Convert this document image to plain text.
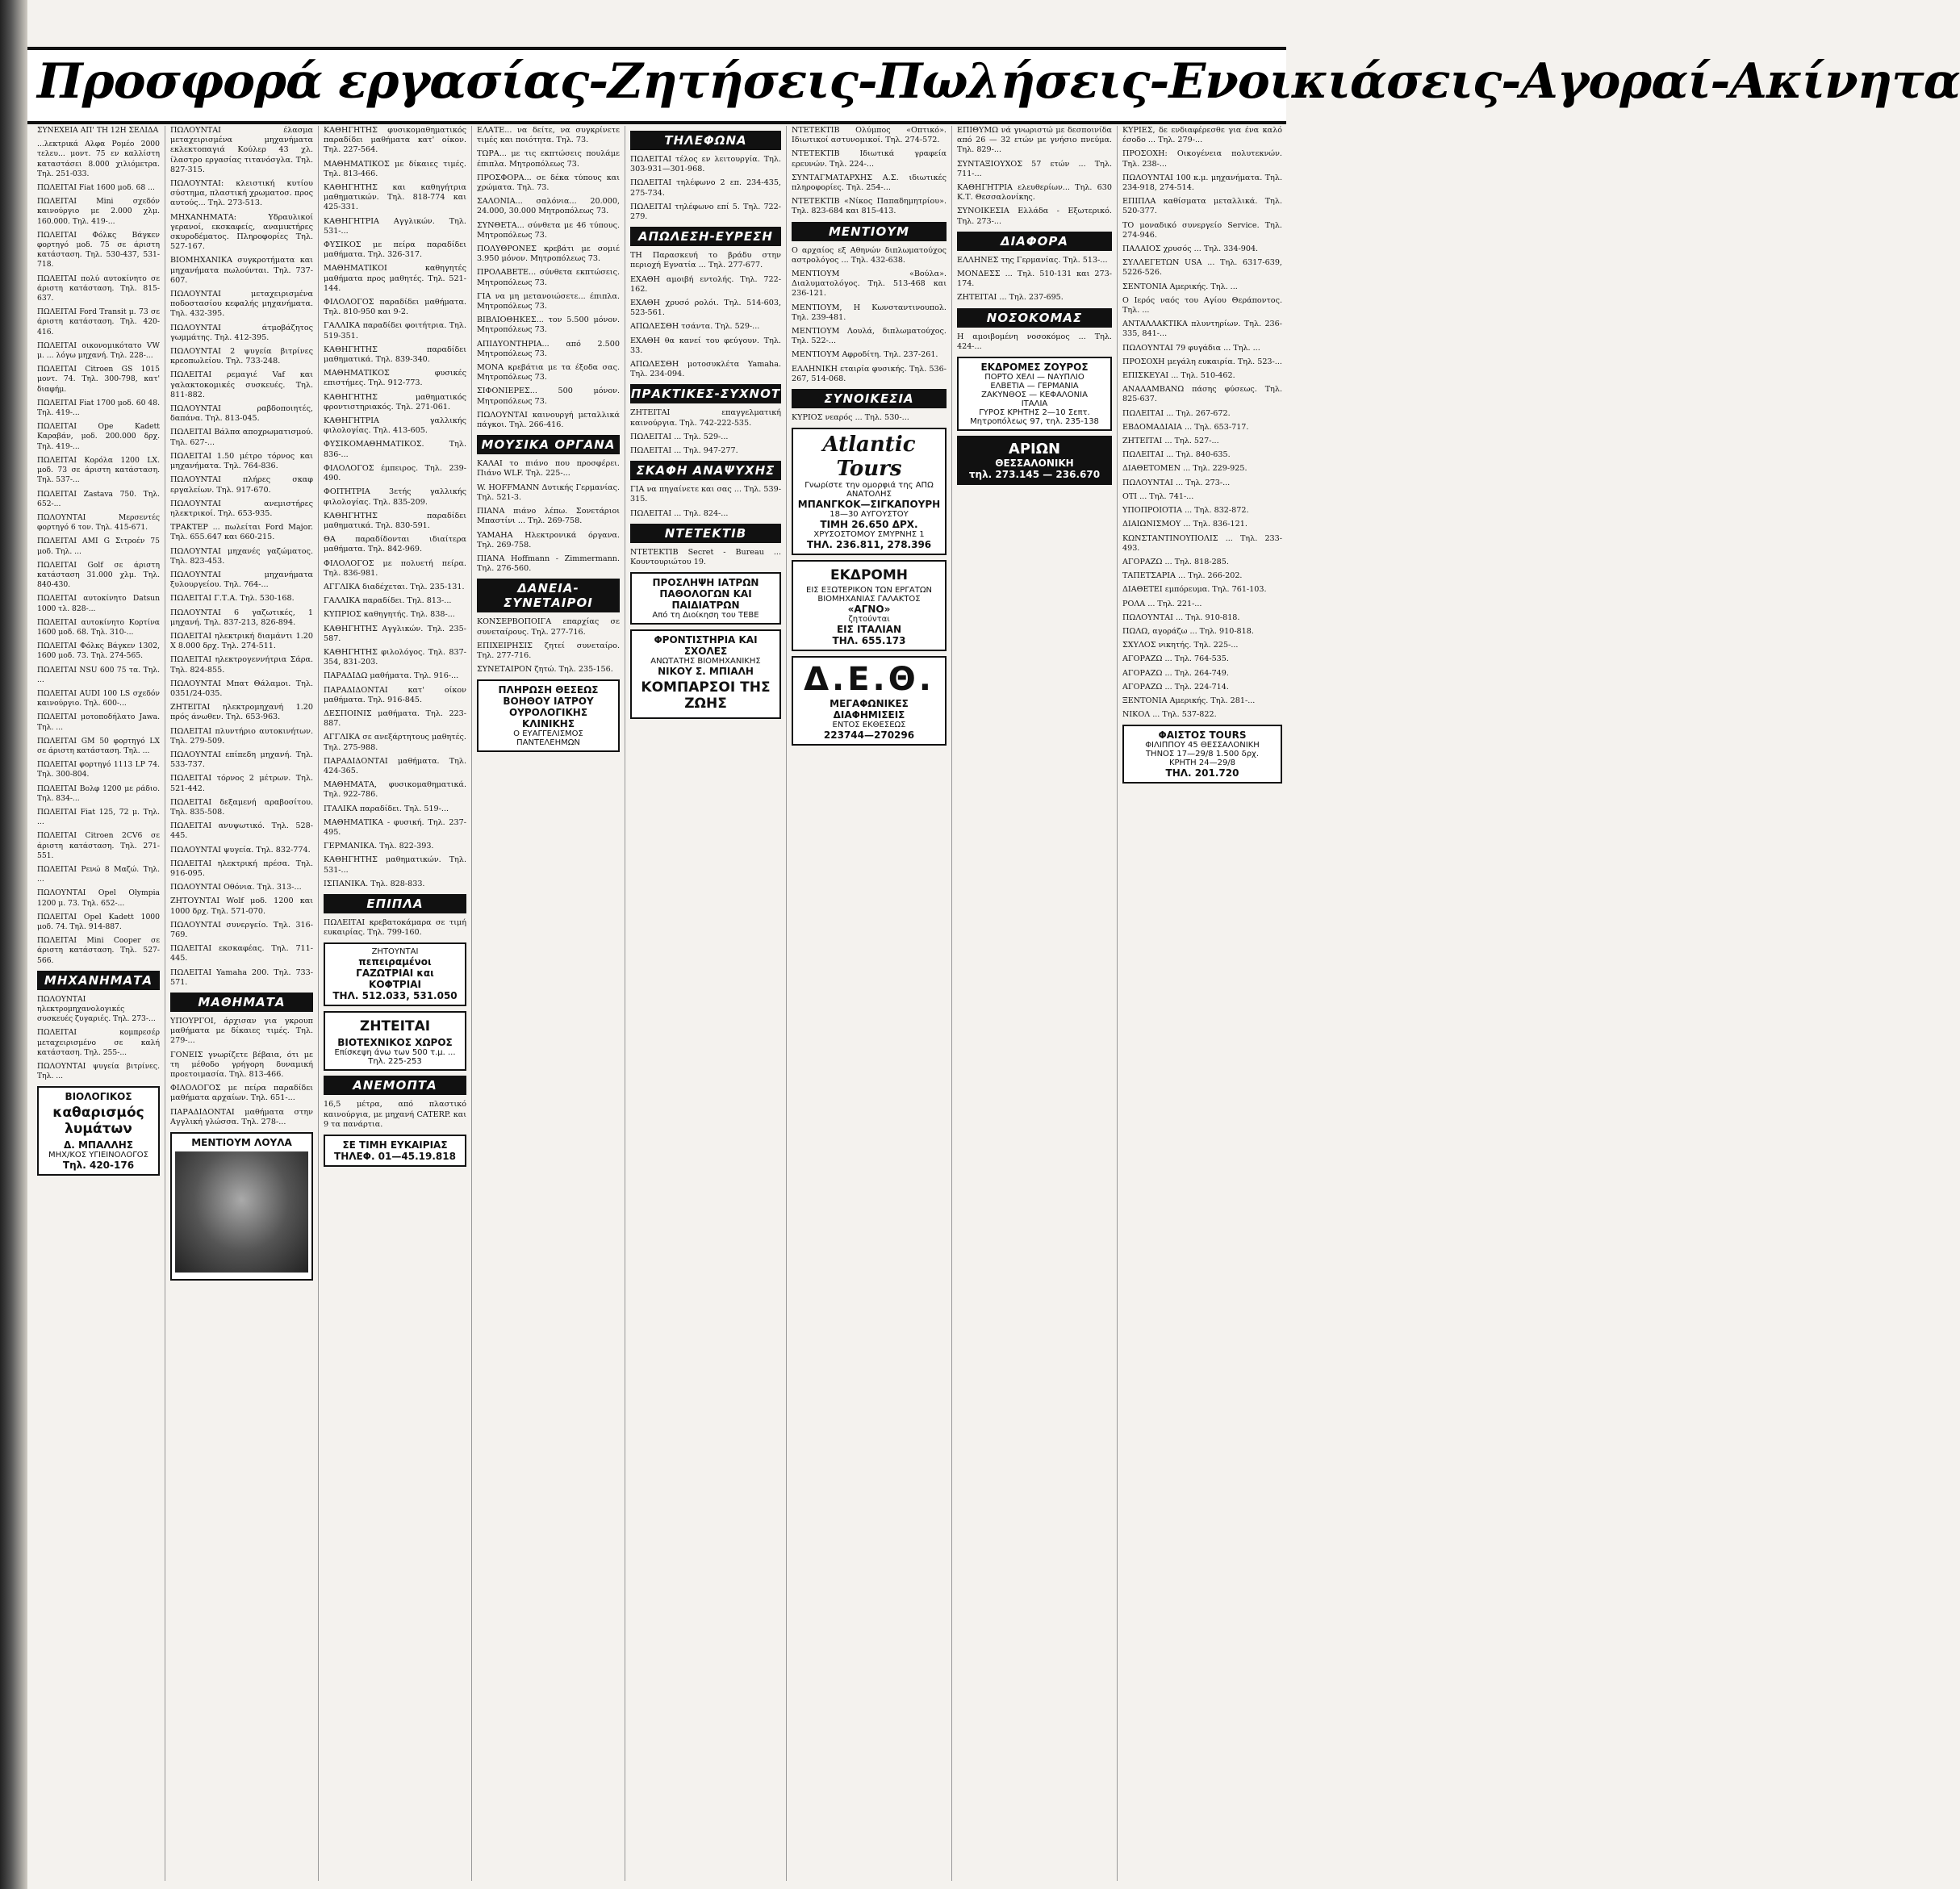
Προσφορά εργασίας-Ζητήσεις-Πωλήσεις-Ενοικιάσεις-Αγοραί-Ακίνητα

ΣΥΝΕΧΕΙΑ ΑΠ' ΤΗ 12Η ΣΕΛΙΔΑ

...λεκτρικά Αλφα Ρομέο 2000 τελευ... μοντ. 75 εν καλλίστη καταστάσει 8.000 χιλιόμετρα. Τηλ. 251-033.

ΠΩΛΕΙΤΑΙ Fiat 1600 μοδ. 68 ...

ΠΩΛΕΙΤΑΙ Mini σχεδόν καινούργιο με 2.000 χλμ. 160.000. Τηλ. 419-...

ΠΩΛΕΙΤΑΙ Φόλκς Βάγκεν φορτηγό μοδ. 75 σε άριστη κατάσταση. Τηλ. 530-437, 531-718.

ΠΩΛΕΙΤΑΙ πολύ αυτοκίνητο σε άριστη κατάσταση. Τηλ. 815-637.

ΠΩΛΕΙΤΑΙ Ford Transit μ. 73 σε άριστη κατάσταση. Τηλ. 420-416.

ΠΩΛΕΙΤΑΙ οικονομικότατο VW μ. ... λόγω μηχανή. Τηλ. 228-...

ΠΩΛΕΙΤΑΙ Citroen GS 1015 μοντ. 74. Τηλ. 300-798, κατ' διαφήμ.

ΠΩΛΕΙΤΑΙ Fiat 1700 μοδ. 60 48. Τηλ. 419-...

ΠΩΛΕΙΤΑΙ Ope Kadett Καραβάν, μοδ. 200.000 δρχ. Τηλ. 419-...

ΠΩΛΕΙΤΑΙ Κορόλα 1200 LX. μοδ. 73 σε άριστη κατάσταση. Τηλ. 537-...

ΠΩΛΕΙΤΑΙ Zastava 750. Τηλ. 652-...

ΠΩΛΟΥΝΤΑΙ Μερσεντές φορτηγό 6 τον. Τηλ. 415-671.

ΠΩΛΕΙΤΑΙ AMI G Σιτροέν 75 μοδ. Τηλ. ...

ΠΩΛΕΙΤΑΙ Golf σε άριστη κατάσταση 31.000 χλμ. Τηλ. 840-430.

ΠΩΛΕΙΤΑΙ αυτοκίνητο Datsun 1000 τλ. 828-...

ΠΩΛΕΙΤΑΙ αυτοκίνητο Κορτίνα 1600 μοδ. 68. Τηλ. 310-...

ΠΩΛΕΙΤΑΙ Φόλκς Βάγκεν 1302, 1600 μοδ. 73. Τηλ. 274-565.

ΠΩΛΕΙΤΑΙ NSU 600 75 τα. Τηλ. ...

ΠΩΛΕΙΤΑΙ AUDI 100 LS σχεδόν καινούργιο. Τηλ. 600-...

ΠΩΛΕΙΤΑΙ μοτοποδήλατο Jawa. Τηλ. ...

ΠΩΛΕΙΤΑΙ GM 50 φορτηγό LX σε άριστη κατάσταση. Τηλ. ...

ΠΩΛΕΙΤΑΙ φορτηγό 1113 LP 74. Τηλ. 300-804.

ΠΩΛΕΙΤΑΙ Βολφ 1200 με ράδιο. Τηλ. 834-...

ΠΩΛΕΙΤΑΙ Fiat 125, 72 μ. Τηλ. ...

ΠΩΛΕΙΤΑΙ Citroen 2CV6 σε άριστη κατάσταση. Τηλ. 271-551.

ΠΩΛΕΙΤΑΙ Ρενώ 8 Μαζώ. Τηλ. ...

ΠΩΛΟΥΝΤΑΙ Opel Olympia 1200 μ. 73. Τηλ. 652-...

ΠΩΛΕΙΤΑΙ Opel Kadett 1000 μοδ. 74. Τηλ. 914-887.

ΠΩΛΕΙΤΑΙ Mini Cooper σε άριστη κατάσταση. Τηλ. 527-566.

ΜΗΧΑΝΗΜΑΤΑ

ΠΩΛΟΥΝΤΑΙ ηλεκτρομηχανολογικές συσκευές ζυγαριές. Τηλ. 273-...

ΠΩΛΕΙΤΑΙ κομπρεσέρ μεταχειρισμένο σε καλή κατάσταση. Τηλ. 255-...

ΠΩΛΟΥΝΤΑΙ ψυγεία βιτρίνες. Τηλ. ...

ΒΙΟΛΟΓΙΚΟΣ
καθαρισμός λυμάτων
Δ. ΜΠΑΛΛΗΣ
ΜΗΧ/ΚΟΣ ΥΓΙΕΙΝΟΛΟΓΟΣ
Τηλ. 420-176

ΠΩΛΟΥΝΤΑΙ έλασμα μεταχειρισμένα μηχανήματα εκλεκτοπαγιά Κούλερ 43 χλ. ίλαστρο εργασίας τιτανόσγλα. Τηλ. 827-315.

ΠΩΛΟΥΝΤΑΙ: κλειστική κυτίου σύστημα, πλαστική χρωματοσ. προς αυτούς... Τηλ. 273-513.

ΜΗΧΑΝΗΜΑΤΑ: Υδραυλικοί γερανοί, εκσκαφείς, αναμικτήρες σκυροδέματος. Πληροφορίες Τηλ. 527-167.

ΒΙΟΜΗΧΑΝΙΚΑ συγκροτήματα και μηχανήματα πωλούνται. Τηλ. 737-607.

ΠΩΛΟΥΝΤΑΙ μεταχειρισμένα ποδοστασίου κεφαλής μηχανήματα. Τηλ. 432-395.

ΠΩΛΟΥΝΤΑΙ άτμοβάζητος γωμμάτης. Τηλ. 412-395.

ΠΩΛΟΥΝΤΑΙ 2 ψυγεία βιτρίνες κρεοπωλείου. Τηλ. 733-248.

ΠΩΛΕΙΤΑΙ ρεμαγιέ Vaf και γαλακτοκομικές συσκευές. Τηλ. 811-882.

ΠΩΛΟΥΝΤΑΙ ραβδοποιητές, δαπάνα. Τηλ. 813-045.

ΠΩΛΕΙΤΑΙ Βάλπα αποχρωματισμού. Τηλ. 627-...

ΠΩΛΕΙΤΑΙ 1.50 μέτρο τόρνος και μηχανήματα. Τηλ. 764-836.

ΠΩΛΟΥΝΤΑΙ πλήρες σκαφ εργαλείων. Τηλ. 917-670.

ΠΩΛΟΥΝΤΑΙ ανεμιστήρες ηλεκτρικοί. Τηλ. 653-935.

ΤΡΑΚΤΕΡ ... πωλείται Ford Major. Τηλ. 655.647 και 660-215.

ΠΩΛΟΥΝΤΑΙ μηχανές γαζώματος. Τηλ. 823-453.

ΠΩΛΟΥΝΤΑΙ μηχανήματα ξυλουργείου. Τηλ. 764-...

ΠΩΛΕΙΤΑΙ Γ.Τ.Α. Τηλ. 530-168.

ΠΩΛΟΥΝΤΑΙ 6 γαζωτικές, 1 μηχανή. Τηλ. 837-213, 826-894.

ΠΩΛΕΙΤΑΙ ηλεκτρική διαμάντι 1.20 Χ 8.000 δρχ. Τηλ. 274-511.

ΠΩΛΕΙΤΑΙ ηλεκτρογεννήτρια Σάρα. Τηλ. 824-855.

ΠΩΛΟΥΝΤΑΙ Μπατ Θάλαμοι. Τηλ. 0351/24-035.

ΖΗΤΕΙΤΑΙ ηλεκτρομηχανή 1.20 πρός άνωθεν. Τηλ. 653-963.

ΠΩΛΕΙΤΑΙ πλυντήριο αυτοκινήτων. Τηλ. 279-509.

ΠΩΛΟΥΝΤΑΙ επίπεδη μηχανή. Τηλ. 533-737.

ΠΩΛΕΙΤΑΙ τόρνος 2 μέτρων. Τηλ. 521-442.

ΠΩΛΕΙΤΑΙ δεξαμενή αραβοσίτου. Τηλ. 835-508.

ΠΩΛΕΙΤΑΙ ανυψωτικό. Τηλ. 528-445.

ΠΩΛΟΥΝΤΑΙ ψυγεία. Τηλ. 832-774.

ΠΩΛΕΙΤΑΙ ηλεκτρική πρέσα. Τηλ. 916-095.

ΠΩΛΟΥΝΤΑΙ Οθόνια. Τηλ. 313-...

ΖΗΤΟΥΝΤΑΙ Wolf μοδ. 1200 και 1000 δρχ. Τηλ. 571-070.

ΠΩΛΟΥΝΤΑΙ συνεργείο. Τηλ. 316-769.

ΠΩΛΕΙΤΑΙ εκσκαφέας. Τηλ. 711-445.

ΠΩΛΕΙΤΑΙ Yamaha 200. Τηλ. 733-571.

ΜΑΘΗΜΑΤΑ

ΥΠΟΥΡΓΟΙ, άρχισαν για γκρουπ μαθήματα με δίκαιες τιμές. Τηλ. 279-...

ΓΟΝΕΙΣ γνωρίζετε βέβαια, ότι με τη μέθοδο γρήγορη δυναμική προετοιμασία. Τηλ. 813-466.

ΦΙΛΟΛΟΓΟΣ με πείρα παραδίδει μαθήματα αρχαίων. Τηλ. 651-...

ΠΑΡΑΔΙΔΟΝΤΑΙ μαθήματα στην Αγγλική γλώσσα. Τηλ. 278-...

ΜΕΝΤΙΟΥΜ ΛΟΥΛΑ

ΚΑΘΗΓΗΤΗΣ φυσικομαθηματικός παραδίδει μαθήματα κατ' οίκον. Τηλ. 227-564.

ΜΑΘΗΜΑΤΙΚΟΣ με δίκαιες τιμές. Τηλ. 813-466.

ΚΑΘΗΓΗΤΗΣ και καθηγήτρια μαθηματικών. Τηλ. 818-774 και 425-331.

ΚΑΘΗΓΗΤΡΙΑ Αγγλικών. Τηλ. 531-...

ΦΥΣΙΚΟΣ με πείρα παραδίδει μαθήματα. Τηλ. 326-317.

ΜΑΘΗΜΑΤΙΚΟΙ καθηγητές μαθήματα προς μαθητές. Τηλ. 521-144.

ΦΙΛΟΛΟΓΟΣ παραδίδει μαθήματα. Τηλ. 810-950 και 9-2.

ΓΑΛΛΙΚΑ παραδίδει φοιτήτρια. Τηλ. 519-351.

ΚΑΘΗΓΗΤΗΣ παραδίδει μαθηματικά. Τηλ. 839-340.

ΜΑΘΗΜΑΤΙΚΟΣ φυσικές επιστήμες. Τηλ. 912-773.

ΚΑΘΗΓΗΤΗΣ μαθηματικός φροντιστηριακός. Τηλ. 271-061.

ΚΑΘΗΓΗΤΡΙΑ γαλλικής φιλολογίας. Τηλ. 413-605.

ΦΥΣΙΚΟΜΑΘΗΜΑΤΙΚΟΣ. Τηλ. 836-...

ΦΙΛΟΛΟΓΟΣ έμπειρος. Τηλ. 239-490.

ΦΟΙΤΗΤΡΙΑ 3ετής γαλλικής φιλολογίας. Τηλ. 835-209.

ΚΑΘΗΓΗΤΗΣ παραδίδει μαθηματικά. Τηλ. 830-591.

ΘΑ παραδίδονται ιδιαίτερα μαθήματα. Τηλ. 842-969.

ΦΙΛΟΛΟΓΟΣ με πολυετή πείρα. Τηλ. 836-981.

ΑΓΓΛΙΚΑ διαδέχεται. Τηλ. 235-131.

ΓΑΛΛΙΚΑ παραδίδει. Τηλ. 813-...

ΚΥΠΡΙΟΣ καθηγητής. Τηλ. 838-...

ΚΑΘΗΓΗΤΗΣ Αγγλικών. Τηλ. 235-587.

ΚΑΘΗΓΗΤΗΣ φιλολόγος. Τηλ. 837-354, 831-203.

ΠΑΡΑΔΙΔΩ μαθήματα. Τηλ. 916-...

ΠΑΡΑΔΙΔΟΝΤΑΙ κατ' οίκον μαθήματα. Τηλ. 916-845.

ΔΕΣΠΟΙΝΙΣ μαθήματα. Τηλ. 223-887.

ΑΓΓΛΙΚΑ σε ανεξάρτητους μαθητές. Τηλ. 275-988.

ΠΑΡΑΔΙΔΟΝΤΑΙ μαθήματα. Τηλ. 424-365.

ΜΑΘΗΜΑΤΑ, φυσικομαθηματικά. Τηλ. 922-786.

ΙΤΑΛΙΚΑ παραδίδει. Τηλ. 519-...

ΜΑΘΗΜΑΤΙΚΑ - φυσική. Τηλ. 237-495.

ΓΕΡΜΑΝΙΚΑ. Τηλ. 822-393.

ΚΑΘΗΓΗΤΗΣ μαθηματικών. Τηλ. 531-...

ΙΣΠΑΝΙΚΑ. Τηλ. 828-833.

ΕΠΙΠΛΑ

ΠΩΛΕΙΤΑΙ κρεβατοκάμαρα σε τιμή ευκαιρίας. Τηλ. 799-160.

ΖΗΤΟΥΝΤΑΙ
πεπειραμένοι ΓΑΖΩΤΡΙΑΙ και ΚΟΦΤΡΙΑΙ
ΤΗΛ. 512.033, 531.050
ΖΗΤΕΙΤΑΙ
ΒΙΟΤΕΧΝΙΚΟΣ ΧΩΡΟΣ
Επίσκεψη άνω των 500 τ.μ. ... Τηλ. 225-253
ΑΝΕΜΟΠΤΑ

16,5 μέτρα, από πλαστικό καινούργια, με μηχανή CATERP. και 9 τα πανάρτια.

ΣΕ ΤΙΜΗ ΕΥΚΑΙΡΙΑΣ
ΤΗΛΕΦ. 01—45.19.818

ΕΛΑΤΕ... να δείτε, να συγκρίνετε τιμές και ποιότητα. Τηλ. 73.

ΤΩΡΑ... με τις εκπτώσεις πουλάμε έπιπλα. Μητροπόλεως 73.

ΠΡΟΣΦΟΡΑ... σε δέκα τύπους και χρώματα. Τηλ. 73.

ΣΑΛΟΝΙΑ... σαλόνια... 20.000, 24.000, 30.000 Μητροπόλεως 73.

ΣΥΝΘΕΤΑ... σύνθετα με 46 τύπους. Μητροπόλεως 73.

ΠΟΛΥΘΡΟΝΕΣ κρεβάτι με σομιέ 3.950 μόνον. Μητροπόλεως 73.

ΠΡΟΛΑΒΕΤΕ... σύνθετα εκπτώσεις. Μητροπόλεως 73.

ΓΙΑ να μη μετανοιώσετε... έπιπλα. Μητροπόλεως 73.

ΒΙΒΛΙΟΘΗΚΕΣ... τον 5.500 μόνον. Μητροπόλεως 73.

ΑΠΙΔΥΟΝΤΗΡΙΑ... από 2.500 Μητροπόλεως 73.

ΜΟΝΑ κρεβάτια με τα έξοδα σας. Μητροπόλεως 73.

ΣΙΦΟΝΙΕΡΕΣ... 500 μόνον. Μητροπόλεως 73.

ΠΩΛΟΥΝΤΑΙ καινουργή μεταλλικά πάγκοι. Τηλ. 266-416.

ΜΟΥΣΙΚΑ ΟΡΓΑΝΑ

ΚΑΛΑΙ το πιάνο που προσφέρει. Πιάνο WLF. Τηλ. 225-...

W. HOFFMANN Δυτικής Γερμανίας. Τηλ. 521-3.

ΠΙΑΝΑ πιάνο λέπω. Σονετάριοι Μπαστίνι ... Τηλ. 269-758.

YAMAHA Ηλεκτρονικά όργανα. Τηλ. 269-758.

ΠΙΑΝΑ Hoffmann - Zimmermann. Τηλ. 276-560.

ΔΑΝΕΙΑ-ΣΥΝΕΤΑΙΡΟΙ

ΚΟΝΣΕΡΒΟΠΟΙΓΑ επαρχίας σε συνεταίρους. Τηλ. 277-716.

ΕΠΙΧΕΙΡΗΣΙΣ ζητεί συνεταίρο. Τηλ. 277-716.

ΣΥΝΕΤΑΙΡΟΝ ζητώ. Τηλ. 235-156.

ΠΛΗΡΩΣΗ ΘΕΣΕΩΣ ΒΟΗΘΟΥ ΙΑΤΡΟΥ ΟΥΡΟΛΟΓΙΚΗΣ ΚΛΙΝΙΚΗΣ
Ο ΕΥΑΓΓΕΛΙΣΜΟΣ ΠΑΝΤΕΛΕΗΜΩΝ
ΤΗΛΕΦΩΝΑ

ΠΩΛΕΙΤΑΙ τέλος εν λειτουργία. Τηλ. 303-931—301-968.

ΠΩΛΕΙΤΑΙ τηλέφωνο 2 επ. 234-435, 275-734.

ΠΩΛΕΙΤΑΙ τηλέφωνο επί 5. Τηλ. 722-279.

ΑΠΩΛΕΣΗ-ΕΥΡΕΣΗ

ΤΗ Παρασκευή το βράδυ στην περιοχή Εγνατία ... Τηλ. 277-677.

ΕΧΑΘΗ αμοιβή εντολής. Τηλ. 722-162.

ΕΧΑΘΗ χρυσό ρολόι. Τηλ. 514-603, 523-561.

ΑΠΩΛΕΣΘΗ τσάντα. Τηλ. 529-...

ΕΧΑΘΗ θα κανεί του φεύγουν. Τηλ. 33.

ΑΠΩΛΕΣΘΗ μοτοσυκλέτα Yamaha. Τηλ. 234-094.

ΠΡΑΚΤΙΚΕΣ-ΣΥΧΝΟΤ

ΖΗΤΕΙΤΑΙ επαγγελματική καινούργια. Τηλ. 742-222-535.

ΠΩΛΕΙΤΑΙ ... Τηλ. 529-...

ΠΩΛΕΙΤΑΙ ... Τηλ. 947-277.

ΣΚΑΦΗ ΑΝΑΨΥΧΗΣ

ΓΙΑ να πηγαίνετε και σας ... Τηλ. 539-315.

ΠΩΛΕΙΤΑΙ ... Τηλ. 824-...

ΝΤΕΤΕΚΤΙΒ

ΝΤΕΤΕΚΤΙΒ Secret - Bureau ... Κουντουριώτου 19.

ΠΡΟΣΛΗΨΗ ΙΑΤΡΩΝ ΠΑΘΟΛΟΓΩΝ ΚΑΙ ΠΑΙΔΙΑΤΡΩΝ
Από τη Διοίκηση του ΤΕΒΕ
ΦΡΟΝΤΙΣΤΗΡΙΑ ΚΑΙ ΣΧΟΛΕΣ
ΑΝΩΤΑΤΗΣ ΒΙΟΜΗΧΑΝΙΚΗΣ
ΝΙΚΟΥ Σ. ΜΠΙΑΛΗ
ΚΟΜΠΑΡΣΟΙ ΤΗΣ ΖΩΗΣ

ΝΤΕΤΕΚΤΙΒ Ολύμπος «Οπτικό». Ιδιωτικοί αστυνομικοί. Τηλ. 274-572.

ΝΤΕΤΕΚΤΙΒ Ιδιωτικά γραφεία ερευνών. Τηλ. 224-...

ΣΥΝΤΑΓΜΑΤΑΡΧΗΣ Α.Σ. ιδιωτικές πληροφορίες. Τηλ. 254-...

ΝΤΕΤΕΚΤΙΒ «Νίκος Παπαδημητρίου». Τηλ. 823-684 και 815-413.

ΜΕΝΤΙΟΥΜ

Ο αρχαίος εξ Αθηνών διπλωματούχος αστρολόγος ... Τηλ. 432-638.

ΜΕΝΤΙΟΥΜ «Βούλα». Διαλυματολόγος. Τηλ. 513-468 και 236-121.

ΜΕΝΤΙΟΥΜ, Η Κωνσταντινουπολ. Τηλ. 239-481.

ΜΕΝΤΙΟΥΜ Λουλά, διπλωματούχος. Τηλ. 522-...

ΜΕΝΤΙΟΥΜ Αφροδίτη. Τηλ. 237-261.

ΕΛΛΗΝΙΚΗ εταιρία φυσικής. Τηλ. 536-267, 514-068.

ΣΥΝΟΙΚΕΣΙΑ

ΚΥΡΙΟΣ νεαρός ... Τηλ. 530-...

Atlantic Tours
Γνωρίστε την ομορφιά της ΑΠΩ ΑΝΑΤΟΛΗΣ
ΜΠΑΝΓΚΟΚ—ΣΙΓΚΑΠΟΥΡΗ
18—30 ΑΥΓΟΥΣΤΟΥ
ΤΙΜΗ 26.650 ΔΡΧ.
ΧΡΥΣΟΣΤΟΜΟΥ ΣΜΥΡΝΗΣ 1
ΤΗΛ. 236.811, 278.396
ΕΚΔΡΟΜΗ
ΕΙΣ ΕΞΩΤΕΡΙΚΟΝ ΤΩΝ ΕΡΓΑΤΩΝ ΒΙΟΜΗΧΑΝΙΑΣ ΓΑΛΑΚΤΟΣ
«ΑΓΝΟ»
ζητούνται
ΕΙΣ ΙΤΑΛΙΑΝ
ΤΗΛ. 655.173
Δ.Ε.Θ.
ΜΕΓΑΦΩΝΙΚΕΣ ΔΙΑΦΗΜΙΣΕΙΣ
ΕΝΤΟΣ ΕΚΘΕΣΕΩΣ
223744—270296

ΕΠΙΘΥΜΩ νά γνωριστώ με δεσποινίδα από 26 — 32 ετών με γνήσιο πνεύμα. Τηλ. 829-...

ΣΥΝΤΑΞΙΟΥΧΟΣ 57 ετών ... Τηλ. 711-...

ΚΑΘΗΓΗΤΡΙΑ ελευθερίων... Τηλ. 630 Κ.Τ. Θεσσαλονίκης.

ΣΥΝΟΙΚΕΣΙΑ Ελλάδα - Εξωτερικό. Τηλ. 273-...

ΔΙΑΦΟΡΑ

ΕΛΛΗΝΕΣ της Γερμανίας. Τηλ. 513-...

ΜΟΝΔΕΣΣ ... Τηλ. 510-131 και 273-174.

ΖΗΤΕΙΤΑΙ ... Τηλ. 237-695.

ΝΟΣΟΚΟΜΑΣ

Η αμοιβομένη νοσοκόμος ... Τηλ. 424-...

ΕΚΔΡΟΜΕΣ ΖΟΥΡΟΣ
ΠΟΡΤΟ ΧΕΛΙ — ΝΑΥΠΛΙΟ
ΕΛΒΕΤΙΑ — ΓΕΡΜΑΝΙΑ
ΖΑΚΥΝΘΟΣ — ΚΕΦΑΛΟΝΙΑ
ΙΤΑΛΙΑ
ΓΥΡΟΣ ΚΡΗΤΗΣ 2—10 Σεπτ.
Μητροπόλεως 97, τηλ. 235-138
ΑΡΙΩΝ
ΘΕΣΣΑΛΟΝΙΚΗ
τηλ. 273.145 — 236.670

ΚΥΡΙΕΣ, δε ενδιαφέρεσθε για ένα καλό έσοδο ... Τηλ. 279-...

ΠΡΟΣΟΧΗ: Οικογένεια πολυτεκνών. Τηλ. 238-...

ΠΩΛΟΥΝΤΑΙ 100 κ.μ. μηχανήματα. Τηλ. 234-918, 274-514.

ΕΠΙΠΛΑ καθίσματα μεταλλικά. Τηλ. 520-377.

ΤΟ μοναδικό συνεργείο Service. Τηλ. 274-946.

ΠΑΛΑΙΟΣ χρυσός ... Τηλ. 334-904.

ΣΥΛΛΕΓΕΤΩΝ USA ... Τηλ. 6317-639, 5226-526.

ΣΕΝΤΟΝΙΑ Αμερικής. Τηλ. ...

Ο Ιερός ναός του Αγίου Θεράποντος. Τηλ. ...

ΑΝΤΑΛΛΑΚΤΙΚΑ πλυντηρίων. Τηλ. 236-335, 841-...

ΠΩΛΟΥΝΤΑΙ 79 φυγάδια ... Τηλ. ...

ΠΡΟΣΟΧΗ μεγάλη ευκαιρία. Τηλ. 523-...

ΕΠΙΣΚΕΥΑΙ ... Τηλ. 510-462.

ΑΝΑΛΑΜΒΑΝΩ πάσης φύσεως. Τηλ. 825-637.

ΠΩΛΕΙΤΑΙ ... Τηλ. 267-672.

ΕΒΔΟΜΑΔΙΑΙΑ ... Τηλ. 653-717.

ΖΗΤΕΙΤΑΙ ... Τηλ. 527-...

ΠΩΛΕΙΤΑΙ ... Τηλ. 840-635.

ΔΙΑΘΕΤΟΜΕΝ ... Τηλ. 229-925.

ΠΩΛΟΥΝΤΑΙ ... Τηλ. 273-...

ΟΤΙ ... Τηλ. 741-...

ΥΠΟΠΡΟΙΟΤΙΑ ... Τηλ. 832-872.

ΔΙΑΙΩΝΙΣΜΟΥ ... Τηλ. 836-121.

ΚΩΝΣΤΑΝΤΙΝΟΥΠΟΛΙΣ ... Τηλ. 233-493.

ΑΓΟΡΑΖΩ ... Τηλ. 818-285.

ΤΑΠΕΤΣΑΡΙΑ ... Τηλ. 266-202.

ΔΙΑΘΕΤΕΙ εμπόρευμα. Τηλ. 761-103.

ΡΟΛΑ ... Τηλ. 221-...

ΠΩΛΟΥΝΤΑΙ ... Τηλ. 910-818.

ΠΩΛΩ, αγοράζω ... Τηλ. 910-818.

ΣΧΥΛΟΣ νικητής. Τηλ. 225-...

ΑΓΟΡΑΖΩ ... Τηλ. 764-535.

ΑΓΟΡΑΖΩ ... Τηλ. 264-749.

ΑΓΟΡΑΖΩ ... Τηλ. 224-714.

ΞΕΝΤΟΝΙΑ Αμερικής. Τηλ. 281-...

ΝΙΚΟΛ ... Τηλ. 537-822.

ΦΑΙΣΤΟΣ TOURS
ΦΙΛΙΠΠΟΥ 45 ΘΕΣΣΑΛΟΝΙΚΗ
ΤΗΝΟΣ 17—29/8 1.500 δρχ.
ΚΡΗΤΗ 24—29/8
ΤΗΛ. 201.720
